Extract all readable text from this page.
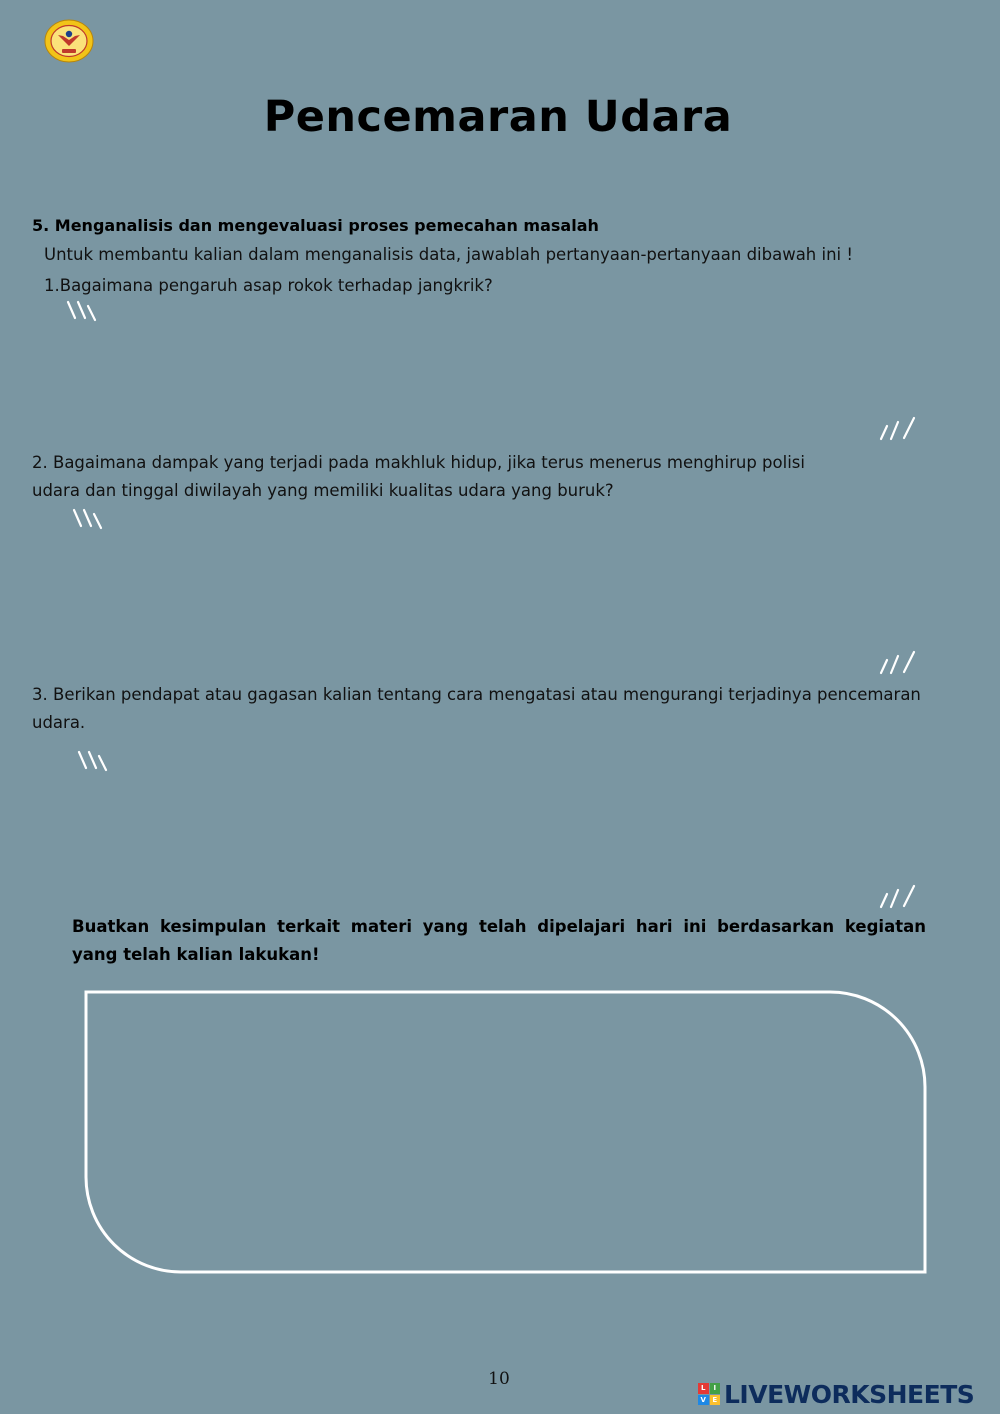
Pencemaran Udara
5. Menganalisis dan mengevaluasi proses pemecahan masalah
Untuk membantu kalian dalam menganalisis data, jawablah pertanyaan-pertanyaan dibawah ini !
1.Bagaimana pengaruh asap rokok terhadap jangkrik?
2. Bagaimana dampak yang terjadi pada makhluk hidup, jika terus menerus menghirup polisi udara dan tinggal diwilayah yang memiliki kualitas udara yang buruk?
3. Berikan pendapat atau gagasan kalian tentang cara mengatasi atau mengurangi terjadinya pencemaran
udara.
Buatkan kesimpulan terkait materi yang telah dipelajari hari ini berdasarkan kegiatan yang telah kalian lakukan!
10	L	I
V E LIVEWORKSHEETS
